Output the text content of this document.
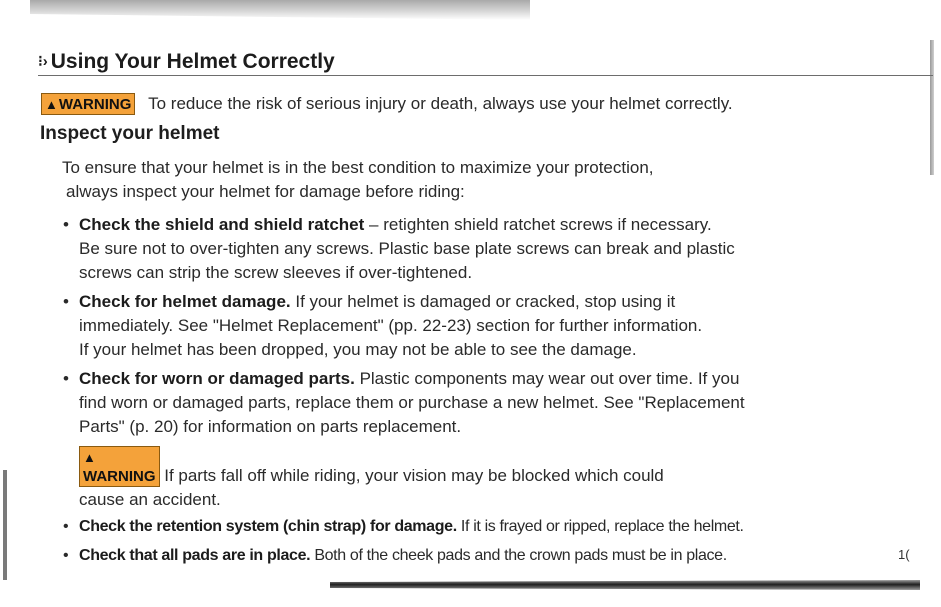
⁝› Using Your Helmet Correctly
▲WARNING To reduce the risk of serious injury or death, always use your helmet correctly.
Inspect your helmet
To ensure that your helmet is in the best condition to maximize your protection,
always inspect your helmet for damage before riding:
• Check the shield and shield ratchet – retighten shield ratchet screws if necessary.
Be sure not to over-tighten any screws. Plastic base plate screws can break and plastic
screws can strip the screw sleeves if over-tightened.
• Check for helmet damage. If your helmet is damaged or cracked, stop using it
immediately. See "Helmet Replacement" (pp. 22-23) section for further information.
If your helmet has been dropped, you may not be able to see the damage.
• Check for worn or damaged parts. Plastic components may wear out over time. If you
find worn or damaged parts, replace them or purchase a new helmet. See "Replacement
Parts" (p. 20) for information on parts replacement.
▲
WARNING If parts fall off while riding, your vision may be blocked which could
cause an accident.
• Check the retention system (chin strap) for damage. If it is frayed or ripped, replace the helmet.
• Check that all pads are in place. Both of the cheek pads and the crown pads must be in place.	1(
